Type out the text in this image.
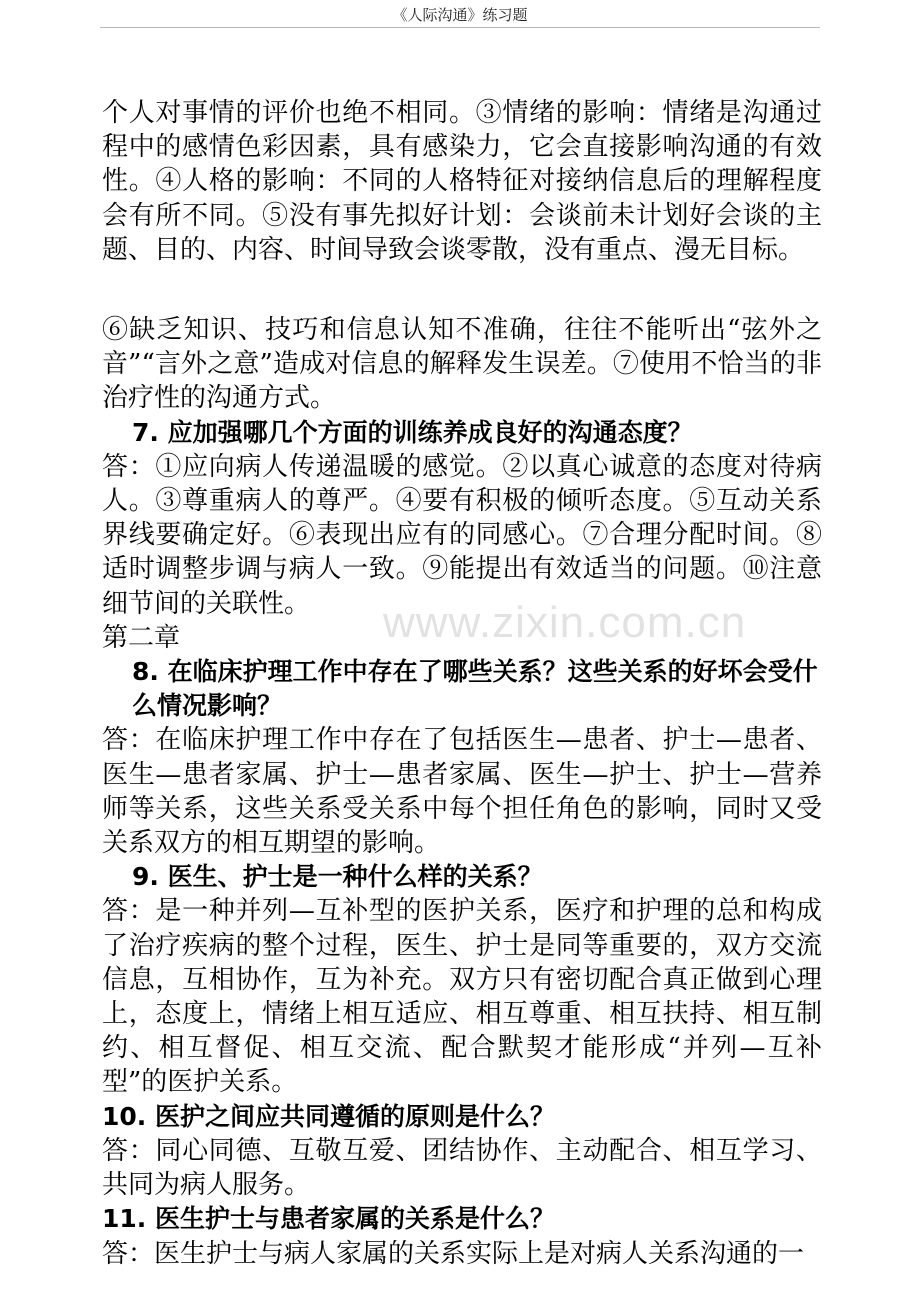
《人际沟通》练习题
www.zixin.com.cn

个人对事情的评价也绝不相同。③情绪的影响：情绪是沟通过程中的感情色彩因素，具有感染力，它会直接影响沟通的有效性。④人格的影响：不同的人格特征对接纳信息后的理解程度会有所不同。⑤没有事先拟好计划：会谈前未计划好会谈的主题、目的、内容、时间导致会谈零散，没有重点、漫无目标。

⑥缺乏知识、技巧和信息认知不准确，往往不能听出“弦外之音”“言外之意”造成对信息的解释发生误差。⑦使用不恰当的非治疗性的沟通方式。

7. 应加强哪几个方面的训练养成良好的沟通态度？

答：①应向病人传递温暖的感觉。②以真心诚意的态度对待病人。③尊重病人的尊严。④要有积极的倾听态度。⑤互动关系界线要确定好。⑥表现出应有的同感心。⑦合理分配时间。⑧适时调整步调与病人一致。⑨能提出有效适当的问题。⑩注意细节间的关联性。

第二章

8. 在临床护理工作中存在了哪些关系？这些关系的好坏会受什么情况影响？

答：在临床护理工作中存在了包括医生—患者、护士—患者、医生—患者家属、护士—患者家属、医生—护士、护士—营养师等关系，这些关系受关系中每个担任角色的影响，同时又受关系双方的相互期望的影响。

9. 医生、护士是一种什么样的关系？

答：是一种并列—互补型的医护关系，医疗和护理的总和构成了治疗疾病的整个过程，医生、护士是同等重要的，双方交流信息，互相协作，互为补充。双方只有密切配合真正做到心理上，态度上，情绪上相互适应、相互尊重、相互扶持、相互制约、相互督促、相互交流、配合默契才能形成“并列—互补型”的医护关系。

10. 医护之间应共同遵循的原则是什么？

答：同心同德、互敬互爱、团结协作、主动配合、相互学习、共同为病人服务。

11. 医生护士与患者家属的关系是什么？

答：医生护士与病人家属的关系实际上是对病人关系沟通的一
